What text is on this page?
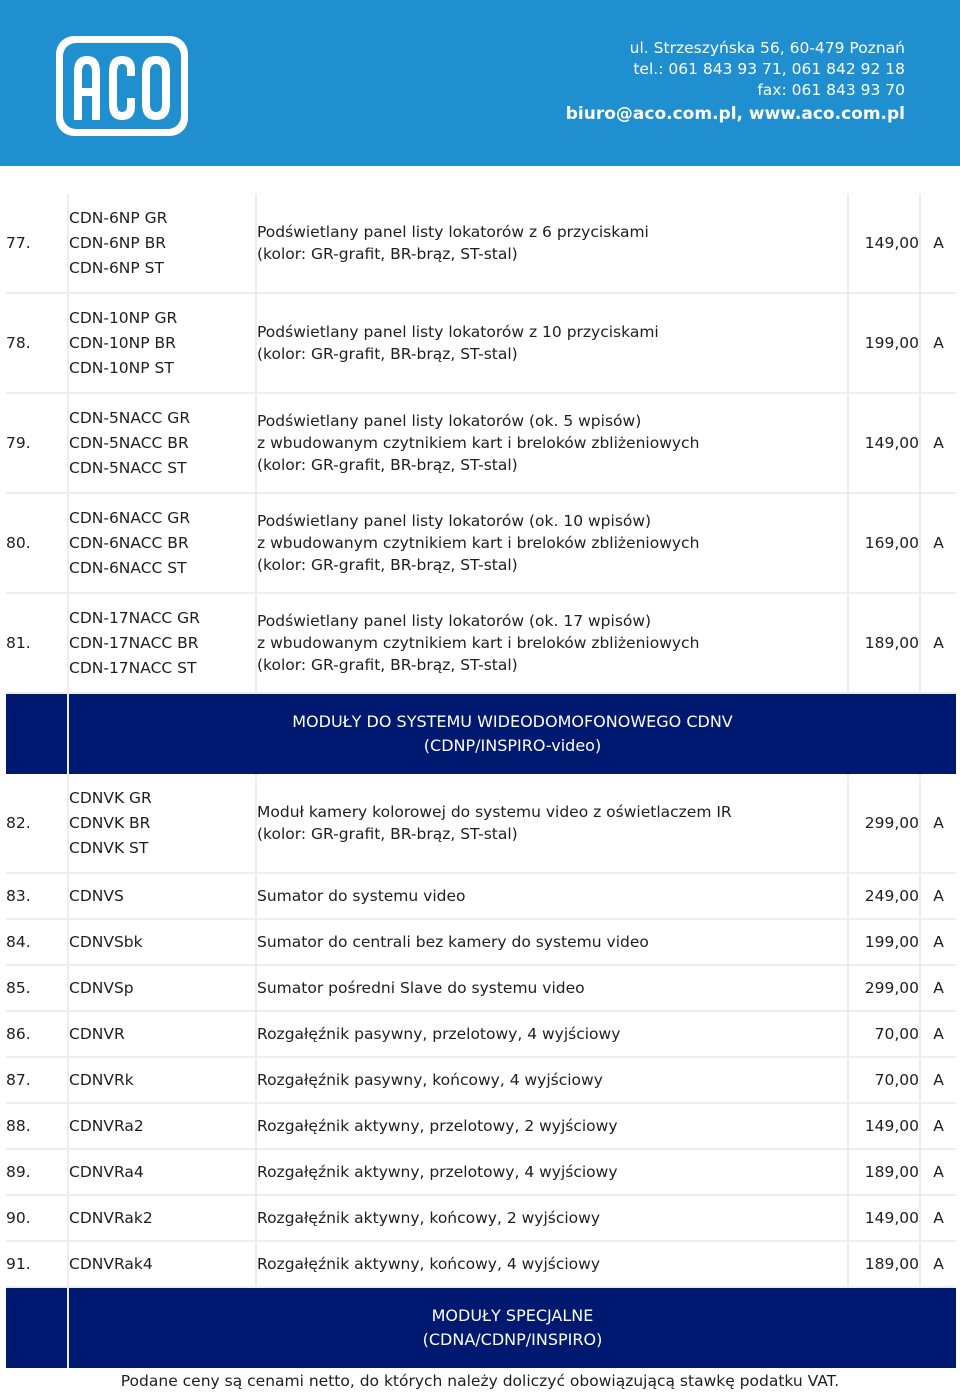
ul. Strzeszyńska 56, 60-479 Poznań
tel.: 061 843 93 71, 061 842 92 18
fax: 061 843 93 70
biuro@aco.com.pl, www.aco.com.pl
77.	CDN-6NP GR
CDN-6NP BR
CDN-6NP ST	Podświetlany panel listy lokatorów z 6 przyciskami
(kolor: GR-grafit, BR-brąz, ST-stal)	149,00	A
78.	CDN-10NP GR
CDN-10NP BR
CDN-10NP ST	Podświetlany panel listy lokatorów z 10 przyciskami
(kolor: GR-grafit, BR-brąz, ST-stal)	199,00	A
79.	CDN-5NACC GR
CDN-5NACC BR
CDN-5NACC ST	Podświetlany panel listy lokatorów (ok. 5 wpisów)
z wbudowanym czytnikiem kart i breloków zbliżeniowych
(kolor: GR-grafit, BR-brąz, ST-stal)	149,00	A
80.	CDN-6NACC GR
CDN-6NACC BR
CDN-6NACC ST	Podświetlany panel listy lokatorów (ok. 10 wpisów)
z wbudowanym czytnikiem kart i breloków zbliżeniowych
(kolor: GR-grafit, BR-brąz, ST-stal)	169,00	A
81.	CDN-17NACC GR
CDN-17NACC BR
CDN-17NACC ST	Podświetlany panel listy lokatorów (ok. 17 wpisów)
z wbudowanym czytnikiem kart i breloków zbliżeniowych
(kolor: GR-grafit, BR-brąz, ST-stal)	189,00	A

	MODUŁY DO SYSTEMU WIDEODOMOFONOWEGO CDNV
(CDNP/INSPIRO-video)			

82.	CDNVK GR
CDNVK BR
CDNVK ST	Moduł kamery kolorowej do systemu video z oświetlaczem IR
(kolor: GR-grafit, BR-brąz, ST-stal)	299,00	A
83.	CDNVS	Sumator do systemu video	249,00	A
84.	CDNVSbk	Sumator do centrali bez kamery do systemu video	199,00	A
85.	CDNVSp	Sumator pośredni Slave do systemu video	299,00	A
86.	CDNVR	Rozgałęźnik pasywny, przelotowy, 4 wyjściowy	70,00	A
87.	CDNVRk	Rozgałęźnik pasywny, końcowy, 4 wyjściowy	70,00	A
88.	CDNVRa2	Rozgałęźnik aktywny, przelotowy, 2 wyjściowy	149,00	A
89.	CDNVRa4	Rozgałęźnik aktywny, przelotowy, 4 wyjściowy	189,00	A
90.	CDNVRak2	Rozgałęźnik aktywny, końcowy, 2 wyjściowy	149,00	A
91.	CDNVRak4	Rozgałęźnik aktywny, końcowy, 4 wyjściowy	189,00	A

	MODUŁY SPECJALNE
(CDNA/CDNP/INSPIRO)			
Podane ceny są cenami netto, do których należy doliczyć obowiązującą stawkę podatku VAT.
